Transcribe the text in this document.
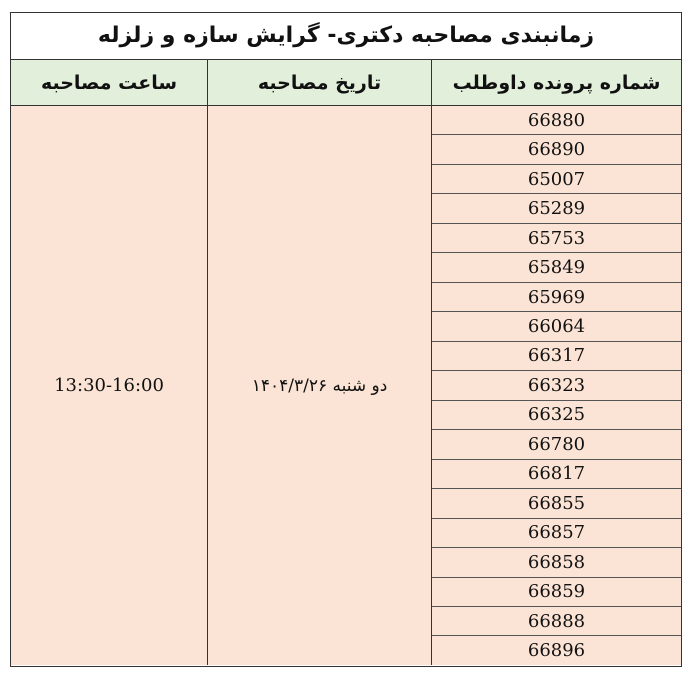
زمانبندی مصاحبه دکتری- گرایش سازه و زلزله
شماره پرونده داوطلب
تاریخ مصاحبه
ساعت مصاحبه
66880
66890
65007
65289
65753
65849
65969
66064
66317
66323
66325
66780
66817
66855
66857
66858
66859
66888
66896
دو شنبه ۱۴۰۴/۳/۲۶
13:30-16:00
